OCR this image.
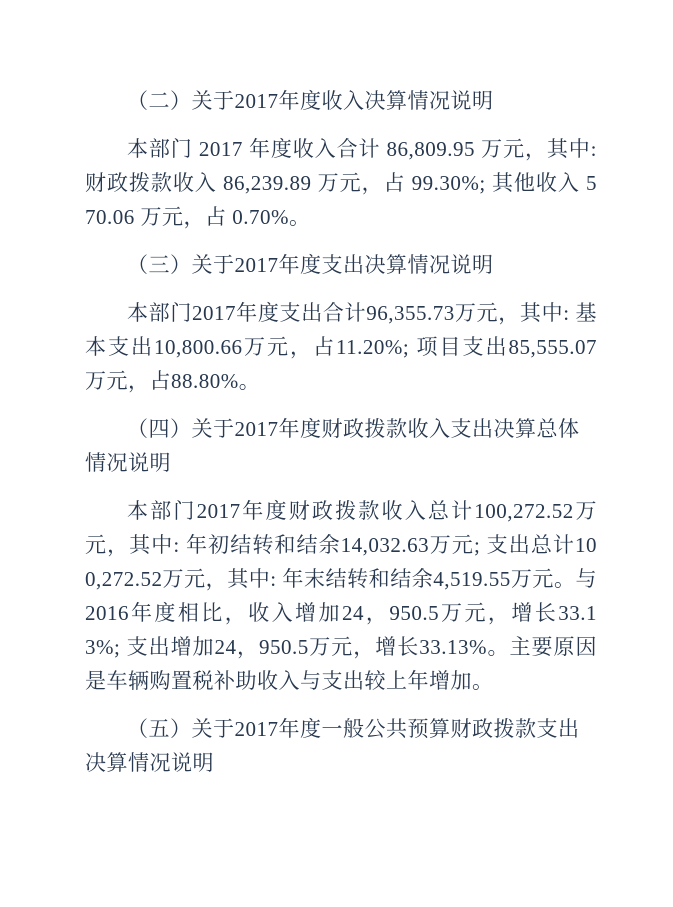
（二）关于2017年度收入决算情况说明

本部门 2017 年度收入合计 86,809.95 万元，其中: 财政拨款收入 86,239.89 万元，占 99.30%; 其他收入 570.06 万元，占 0.70%。

（三）关于2017年度支出决算情况说明

本部门2017年度支出合计96,355.73万元，其中: 基本支出10,800.66万元，占11.20%; 项目支出85,555.07万元，占88.80%。

（四）关于2017年度财政拨款收入支出决算总体情况说明

本部门2017年度财政拨款收入总计100,272.52万元，其中: 年初结转和结余14,032.63万元; 支出总计100,272.52万元，其中: 年末结转和结余4,519.55万元。与2016年度相比，收入增加24，950.5万元，增长33.13%; 支出增加24，950.5万元，增长33.13%。主要原因是车辆购置税补助收入与支出较上年增加。

（五）关于2017年度一般公共预算财政拨款支出决算情况说明
